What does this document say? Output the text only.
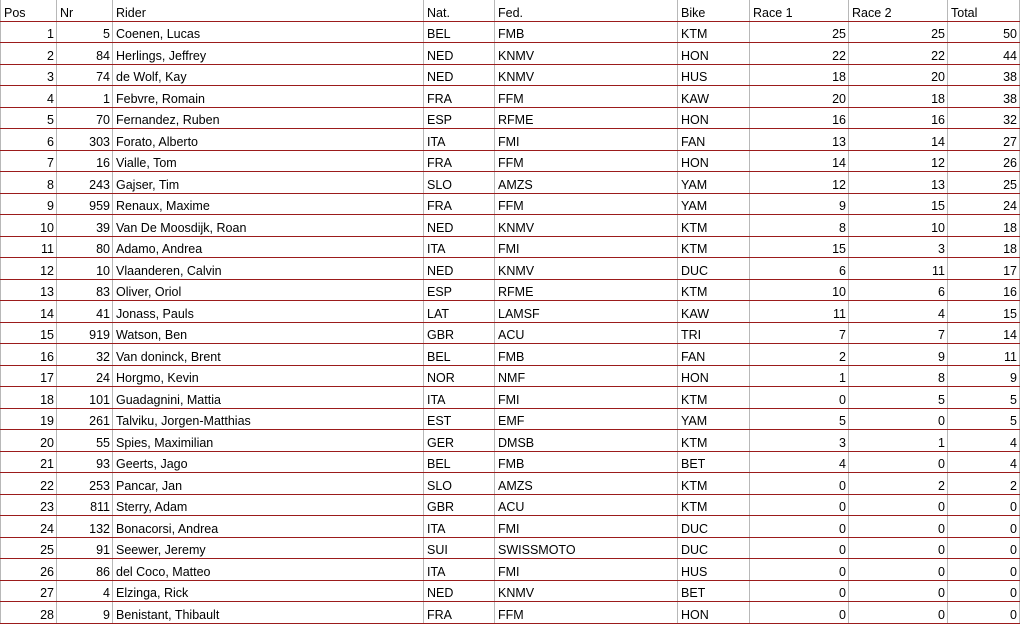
Pos	Nr	Rider	Nat.	Fed.	Bike	Race 1	Race 2	Total
1	5	Coenen, Lucas	BEL	FMB	KTM	25	25	50
2	84	Herlings, Jeffrey	NED	KNMV	HON	22	22	44
3	74	de Wolf, Kay	NED	KNMV	HUS	18	20	38
4	1	Febvre, Romain	FRA	FFM	KAW	20	18	38
5	70	Fernandez, Ruben	ESP	RFME	HON	16	16	32
6	303	Forato, Alberto	ITA	FMI	FAN	13	14	27
7	16	Vialle, Tom	FRA	FFM	HON	14	12	26
8	243	Gajser, Tim	SLO	AMZS	YAM	12	13	25
9	959	Renaux, Maxime	FRA	FFM	YAM	9	15	24
10	39	Van De Moosdijk, Roan	NED	KNMV	KTM	8	10	18
11	80	Adamo, Andrea	ITA	FMI	KTM	15	3	18
12	10	Vlaanderen, Calvin	NED	KNMV	DUC	6	11	17
13	83	Oliver, Oriol	ESP	RFME	KTM	10	6	16
14	41	Jonass, Pauls	LAT	LAMSF	KAW	11	4	15
15	919	Watson, Ben	GBR	ACU	TRI	7	7	14
16	32	Van doninck, Brent	BEL	FMB	FAN	2	9	11
17	24	Horgmo, Kevin	NOR	NMF	HON	1	8	9
18	101	Guadagnini, Mattia	ITA	FMI	KTM	0	5	5
19	261	Talviku, Jorgen-Matthias	EST	EMF	YAM	5	0	5
20	55	Spies, Maximilian	GER	DMSB	KTM	3	1	4
21	93	Geerts, Jago	BEL	FMB	BET	4	0	4
22	253	Pancar, Jan	SLO	AMZS	KTM	0	2	2
23	811	Sterry, Adam	GBR	ACU	KTM	0	0	0
24	132	Bonacorsi, Andrea	ITA	FMI	DUC	0	0	0
25	91	Seewer, Jeremy	SUI	SWISSMOTO	DUC	0	0	0
26	86	del Coco, Matteo	ITA	FMI	HUS	0	0	0
27	4	Elzinga, Rick	NED	KNMV	BET	0	0	0
28	9	Benistant, Thibault	FRA	FFM	HON	0	0	0
